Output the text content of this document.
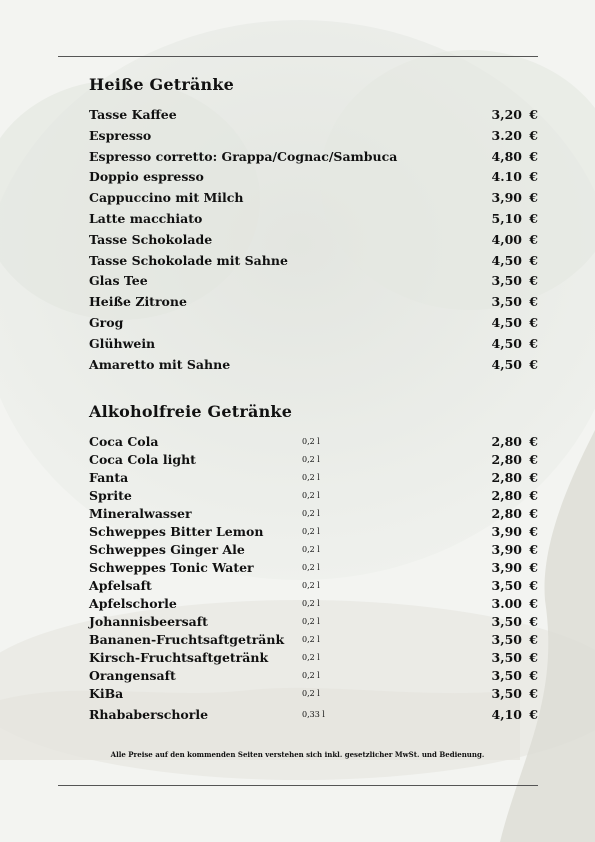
Heiße Getränke
Tasse Kaffee	3,20 €
Espresso	3.20 €
Espresso corretto: Grappa/Cognac/Sambuca	4,80 €
Doppio espresso	4.10 €
Cappuccino mit Milch	3,90 €
Latte macchiato	5,10 €
Tasse Schokolade	4,00 €
Tasse Schokolade mit Sahne	4,50 €
Glas Tee	3,50 €
Heiße Zitrone	3,50 €
Grog	4,50 €
Glühwein	4,50 €
Amaretto mit Sahne	4,50 €
Alkoholfreie Getränke
Coca Cola	0,2 l	2,80 €
Coca Cola light	0,2 l	2,80 €
Fanta	0,2 l	2,80 €
Sprite	0,2 l	2,80 €
Mineralwasser	0,2 l	2,80 €
Schweppes Bitter Lemon	0,2 l	3,90 €
Schweppes Ginger Ale	0,2 l	3,90 €
Schweppes Tonic Water	0,2 l	3,90 €
Apfelsaft	0,2 l	3,50 €
Apfelschorle	0,2 l	3.00 €
Johannisbeersaft	0,2 l	3,50 €
Bananen-Fruchtsaftgetränk 0,2 l	3,50 €
Kirsch-Fruchtsaftgetränk	0,2 l	3,50 €
Orangensaft	0,2 l	3,50 €
KiBa	0,2 l	3,50 €
Rhababerschorle	0,33 l	4,10 €
Alle Preise auf den kommenden Seiten verstehen sich inkl. gesetzlicher MwSt. und Bedienung.
